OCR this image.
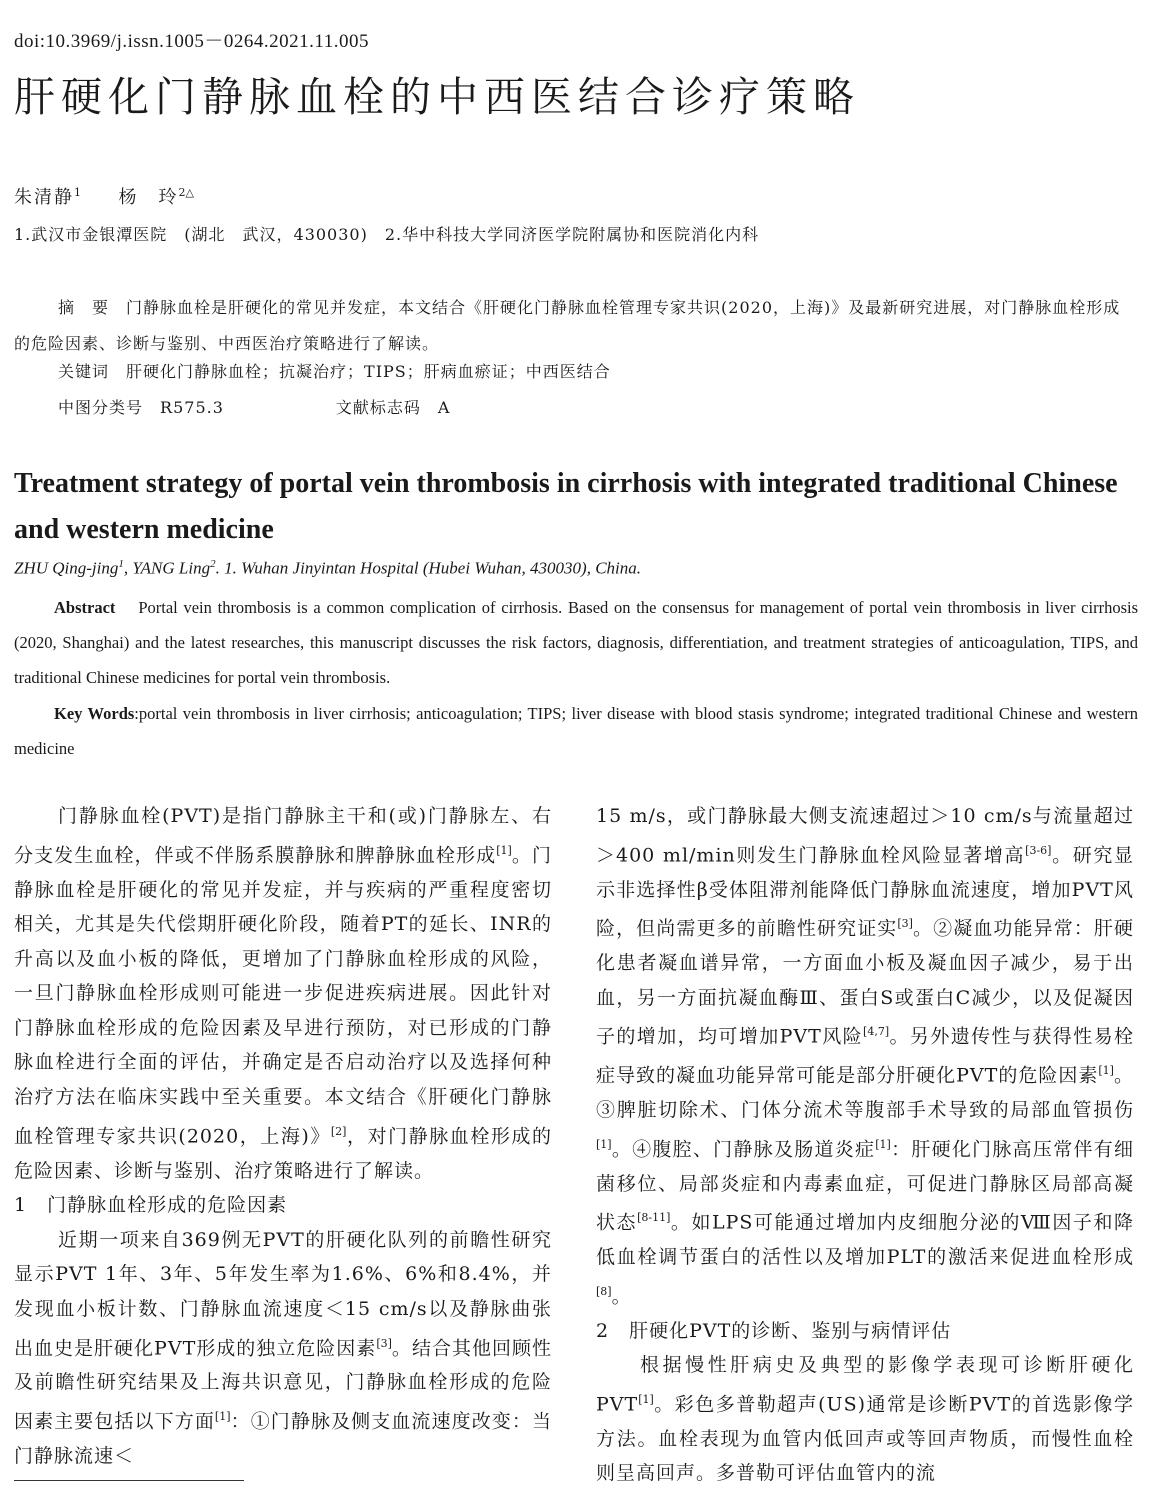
doi:10.3969/j.issn.1005－0264.2021.11.005
肝硬化门静脉血栓的中西医结合诊疗策略
朱清静$^1$ 杨　玲$^{2\triangle}$
1.武汉市金银潭医院　(湖北　武汉，430030)　2.华中科技大学同济医学院附属协和医院消化内科

摘　要　 门静脉血栓是肝硬化的常见并发症，本文结合《肝硬化门静脉血栓管理专家共识(2020，上海)》及最新研究进展，对门静脉血栓形成的危险因素、诊断与鉴别、中西医治疗策略进行了解读。

关键词　 肝硬化门静脉血栓；抗凝治疗；TIPS；肝病血瘀证；中西医结合
中图分类号　 R575.3	文献标志码　 A
Treatment strategy of portal vein thrombosis in cirrhosis with integrated traditional Chinese and western medicine
ZHU Qing-jing$^1$, YANG Ling$^2$. 1. Wuhan Jinyintan Hospital (Hubei Wuhan, 430030), China.

Abstract Portal vein thrombosis is a common complication of cirrhosis. Based on the consensus for management of portal vein thrombosis in liver cirrhosis (2020, Shanghai) and the latest researches, this manuscript discusses the risk factors, diagnosis, differentiation, and treatment strategies of anticoagulation, TIPS, and traditional Chinese medicines for portal vein thrombosis.

Key Words:portal vein thrombosis in liver cirrhosis; anticoagulation; TIPS; liver disease with blood stasis syndrome; integrated traditional Chinese and western medicine

门静脉血栓(PVT)是指门静脉主干和(或)门静脉左、右分支发生血栓，伴或不伴肠系膜静脉和脾静脉血栓形成[1]。门静脉血栓是肝硬化的常见并发症，并与疾病的严重程度密切相关，尤其是失代偿期肝硬化阶段，随着PT的延长、INR的升高以及血小板的降低，更增加了门静脉血栓形成的风险，一旦门静脉血栓形成则可能进一步促进疾病进展。因此针对门静脉血栓形成的危险因素及早进行预防，对已形成的门静脉血栓进行全面的评估，并确定是否启动治疗以及选择何种治疗方法在临床实践中至关重要。本文结合《肝硬化门静脉血栓管理专家共识(2020，上海)》[2]，对门静脉血栓形成的危险因素、诊断与鉴别、治疗策略进行了解读。

1　门静脉血栓形成的危险因素

近期一项来自369例无PVT的肝硬化队列的前瞻性研究显示PVT 1年、3年、5年发生率为1.6%、6%和8.4%，并发现血小板计数、门静脉血流速度＜15 cm/s以及静脉曲张出血史是肝硬化PVT形成的独立危险因素[3]。结合其他回顾性及前瞻性研究结果及上海共识意见，门静脉血栓形成的危险因素主要包括以下方面[1]：①门静脉及侧支血流速度改变：当门静脉流速＜

15 m/s，或门静脉最大侧支流速超过＞10 cm/s与流量超过＞400 ml/min则发生门静脉血栓风险显著增高[3-6]。研究显示非选择性β受体阻滞剂能降低门静脉血流速度，增加PVT风险，但尚需更多的前瞻性研究证实[3]。②凝血功能异常：肝硬化患者凝血谱异常，一方面血小板及凝血因子减少，易于出血，另一方面抗凝血酶Ⅲ、蛋白S或蛋白C减少，以及促凝因子的增加，均可增加PVT风险[4,7]。另外遗传性与获得性易栓症导致的凝血功能异常可能是部分肝硬化PVT的危险因素[1]。③脾脏切除术、门体分流术等腹部手术导致的局部血管损伤[1]。④腹腔、门静脉及肠道炎症[1]：肝硬化门脉高压常伴有细菌移位、局部炎症和内毒素血症，可促进门静脉区局部高凝状态[8-11]。如LPS可能通过增加内皮细胞分泌的Ⅷ因子和降低血栓调节蛋白的活性以及增加PLT的激活来促进血栓形成[8]。

2　肝硬化PVT的诊断、鉴别与病情评估

根据慢性肝病史及典型的影像学表现可诊断肝硬化PVT[1]。彩色多普勒超声(US)通常是诊断PVT的首选影像学方法。血栓表现为血管内低回声或等回声物质，而慢性血栓则呈高回声。多普勒可评估血管内的流
